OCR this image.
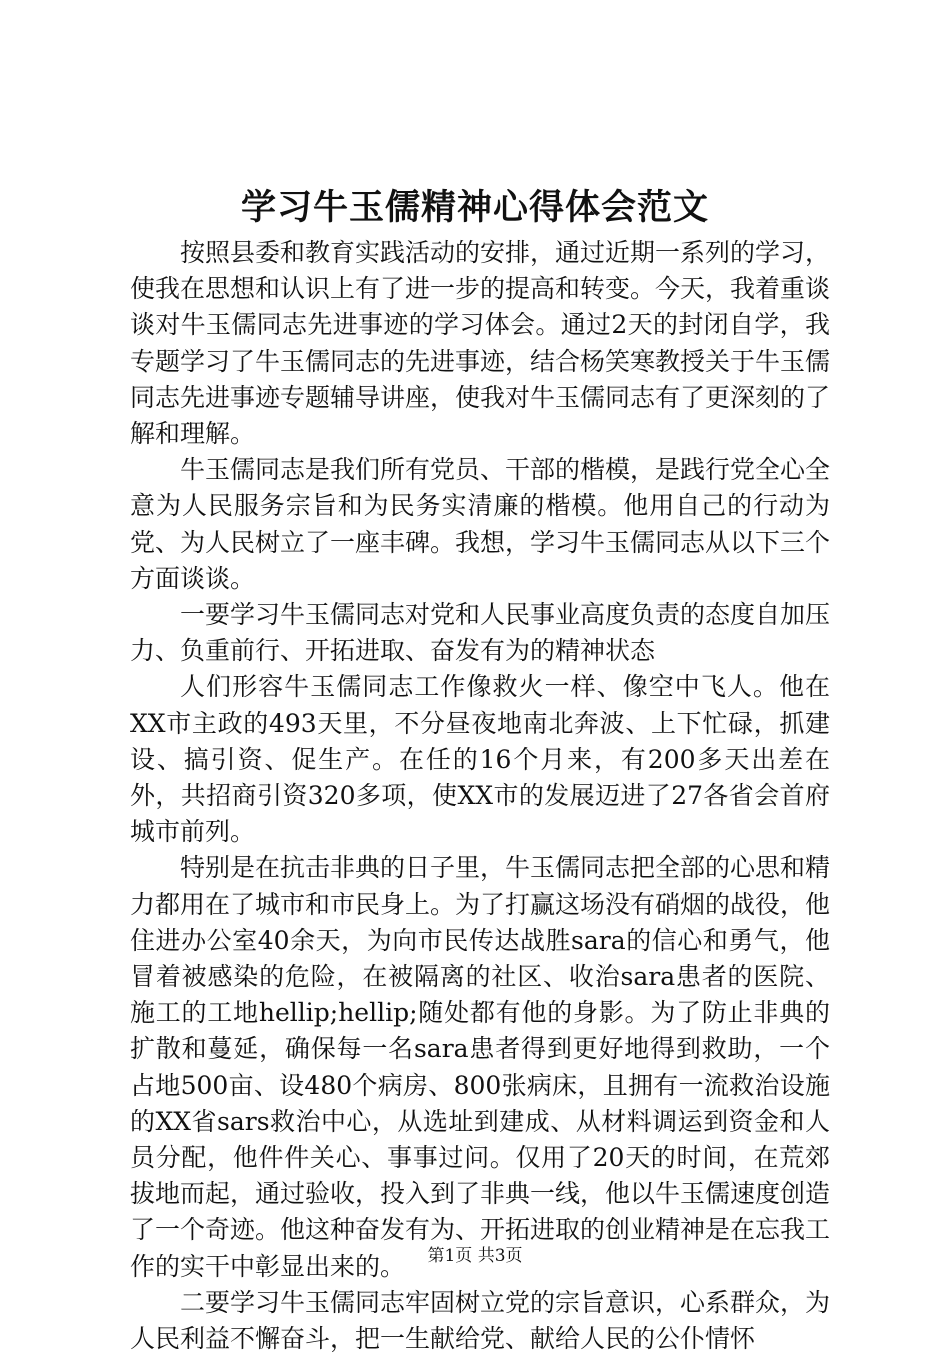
学习牛玉儒精神心得体会范文

按照县委和教育实践活动的安排，通过近期一系列的学习，使我在思想和认识上有了进一步的提高和转变。今天，我着重谈谈对牛玉儒同志先进事迹的学习体会。通过2天的封闭自学，我专题学习了牛玉儒同志的先进事迹，结合杨笑寒教授关于牛玉儒同志先进事迹专题辅导讲座，使我对牛玉儒同志有了更深刻的了解和理解。

牛玉儒同志是我们所有党员、干部的楷模，是践行党全心全意为人民服务宗旨和为民务实清廉的楷模。他用自己的行动为党、为人民树立了一座丰碑。我想，学习牛玉儒同志从以下三个方面谈谈。

一要学习牛玉儒同志对党和人民事业高度负责的态度自加压力、负重前行、开拓进取、奋发有为的精神状态

人们形容牛玉儒同志工作像救火一样、像空中飞人。他在XX市主政的493天里，不分昼夜地南北奔波、上下忙碌，抓建设、搞引资、促生产。在任的16个月来，有200多天出差在外，共招商引资320多项，使XX市的发展迈进了27各省会首府城市前列。

特别是在抗击非典的日子里，牛玉儒同志把全部的心思和精力都用在了城市和市民身上。为了打赢这场没有硝烟的战役，他住进办公室40余天，为向市民传达战胜sara的信心和勇气，他冒着被感染的危险，在被隔离的社区、收治sara患者的医院、施工的工地hellip;hellip;随处都有他的身影。为了防止非典的扩散和蔓延，确保每一名sara患者得到更好地得到救助，一个占地500亩、设480个病房、800张病床，且拥有一流救治设施的XX省sars救治中心，从选址到建成、从材料调运到资金和人员分配，他件件关心、事事过问。仅用了20天的时间，在荒郊拔地而起，通过验收，投入到了非典一线，他以牛玉儒速度创造了一个奇迹。他这种奋发有为、开拓进取的创业精神是在忘我工作的实干中彰显出来的。

二要学习牛玉儒同志牢固树立党的宗旨意识，心系群众，为人民利益不懈奋斗，把一生献给党、献给人民的公仆情怀

第1页 共3页
